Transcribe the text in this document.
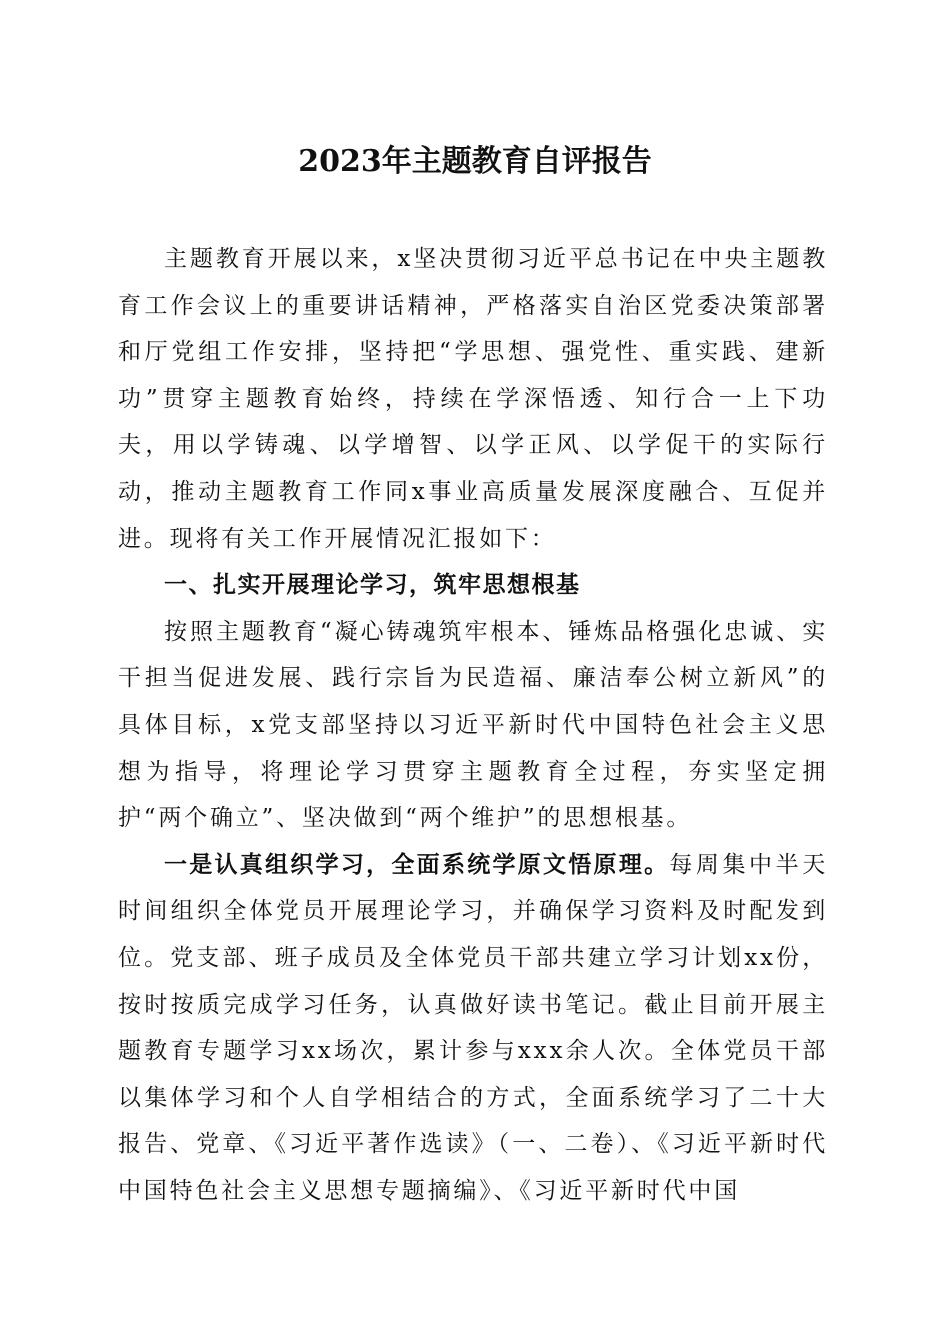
2023年主题教育自评报告

主题教育开展以来，x坚决贯彻习近平总书记在中央主题教育工作会议上的重要讲话精神，严格落实自治区党委决策部署和厅党组工作安排，坚持把“学思想、强党性、重实践、建新功”贯穿主题教育始终，持续在学深悟透、知行合一上下功夫，用以学铸魂、以学增智、以学正风、以学促干的实际行动，推动主题教育工作同x事业高质量发展深度融合、互促并进。现将有关工作开展情况汇报如下：

一、扎实开展理论学习，筑牢思想根基

按照主题教育“凝心铸魂筑牢根本、锤炼品格强化忠诚、实干担当促进发展、践行宗旨为民造福、廉洁奉公树立新风”的具体目标，x党支部坚持以习近平新时代中国特色社会主义思想为指导，将理论学习贯穿主题教育全过程，夯实坚定拥护“两个确立”、坚决做到“两个维护”的思想根基。

一是认真组织学习，全面系统学原文悟原理。每周集中半天时间组织全体党员开展理论学习，并确保学习资料及时配发到位。党支部、班子成员及全体党员干部共建立学习计划xx份，按时按质完成学习任务，认真做好读书笔记。截止目前开展主题教育专题学习xx场次，累计参与xxx余人次。全体党员干部以集体学习和个人自学相结合的方式，全面系统学习了二十大报告、党章、《习近平著作选读》（一、二卷）、《习近平新时代中国特色社会主义思想专题摘编》、《习近平新时代中国
